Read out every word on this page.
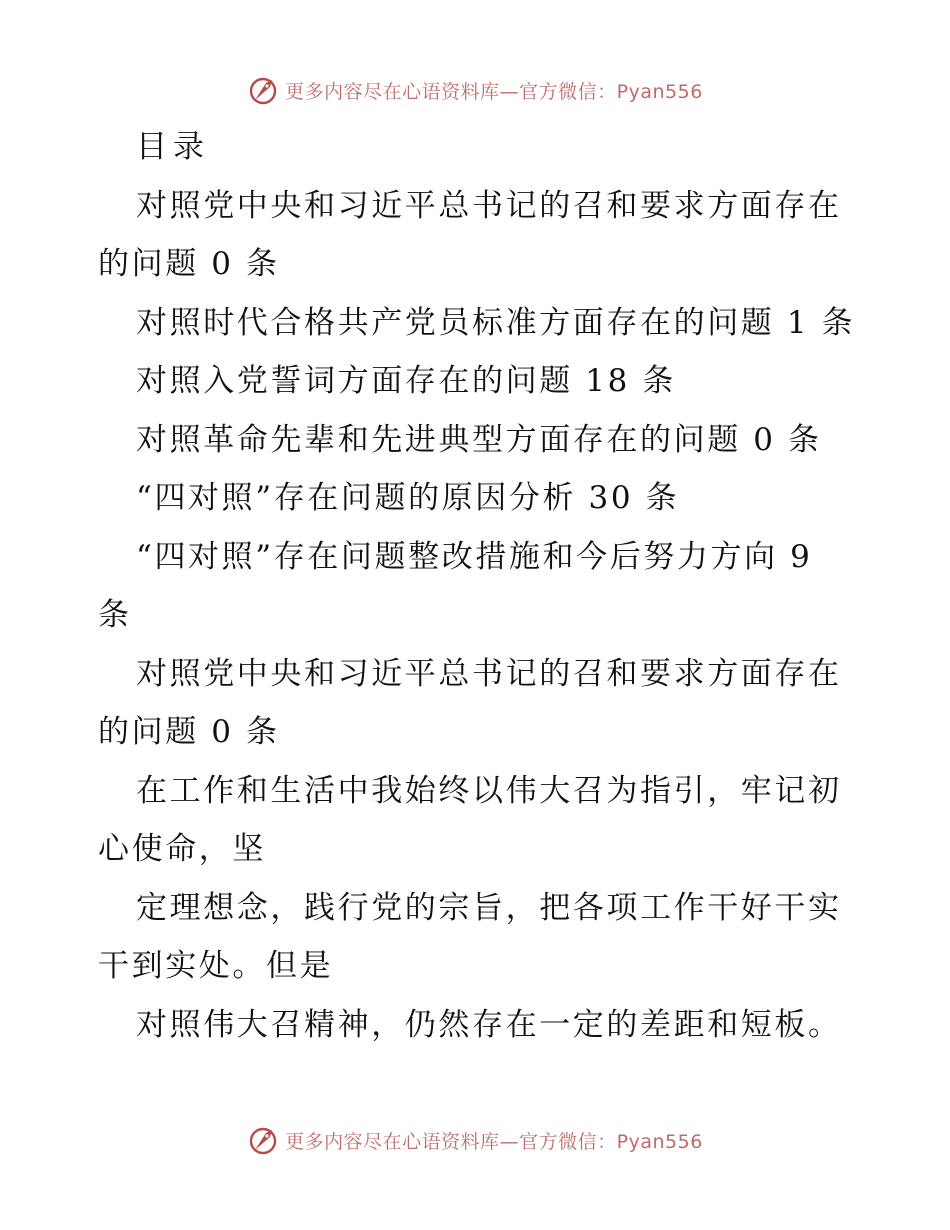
更多内容尽在心语资料库—官方微信：Pyan556

目录

对照党中央和习近平总书记的召和要求方面存在的问题 0 条

对照时代合格共产党员标准方面存在的问题 1 条

对照入党誓词方面存在的问题 18 条

对照革命先辈和先进典型方面存在的问题 0 条

“四对照”存在问题的原因分析 30 条

“四对照”存在问题整改措施和今后努力方向 9 条

对照党中央和习近平总书记的召和要求方面存在的问题 0 条

在工作和生活中我始终以伟大召为指引，牢记初心使命，坚

定理想念，践行党的宗旨，把各项工作干好干实干到实处。但是

对照伟大召精神，仍然存在一定的差距和短板。

更多内容尽在心语资料库—官方微信：Pyan556
